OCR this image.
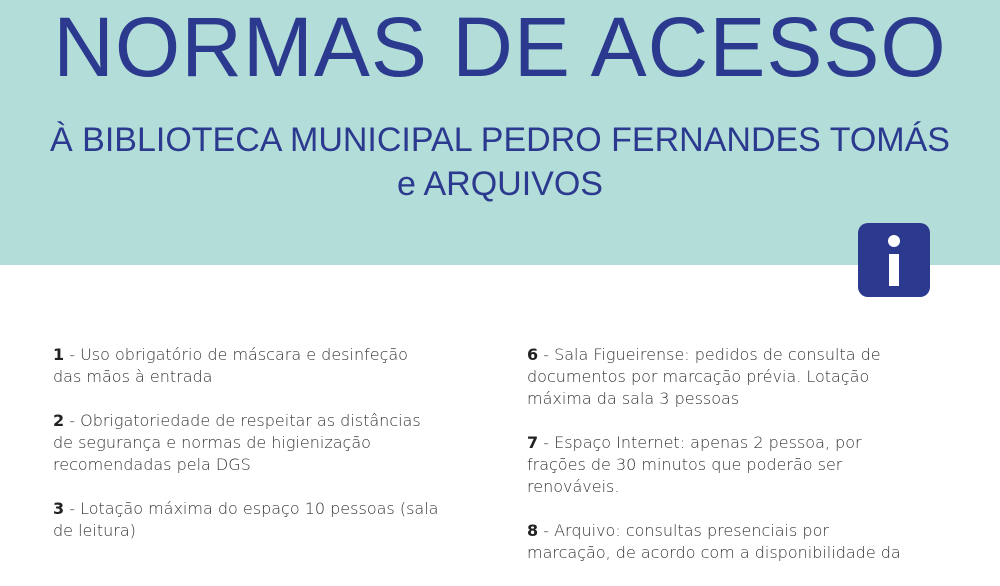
NORMAS DE ACESSO
À BIBLIOTECA MUNICIPAL PEDRO FERNANDES TOMÁS
e ARQUIVOS
1 - Uso obrigatório de máscara e desinfeção
das mãos à entrada
2 - Obrigatoriedade de respeitar as distâncias
de segurança e normas de higienização
recomendadas pela DGS
3 - Lotação máxima do espaço 10 pessoas (sala
de leitura)
6 - Sala Figueirense: pedidos de consulta de
documentos por marcação prévia. Lotação
máxima da sala 3 pessoas
7 - Espaço Internet: apenas 2 pessoa, por
frações de 30 minutos que poderão ser
renováveis.
8 - Arquivo: consultas presenciais por
marcação, de acordo com a disponibilidade da
